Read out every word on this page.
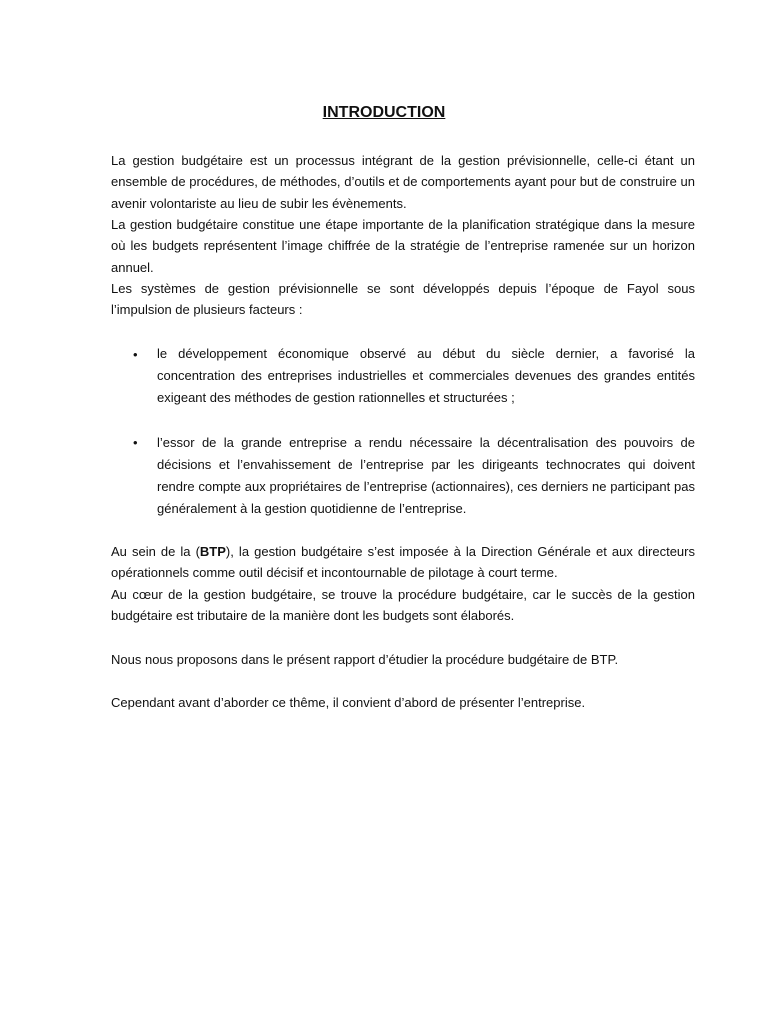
INTRODUCTION

La gestion budgétaire est un processus intégrant de la gestion prévisionnelle, celle-ci étant un ensemble de procédures, de méthodes, d’outils et de comportements ayant pour but de construire un avenir volontariste au lieu de subir les évènements.

La gestion budgétaire constitue une étape importante de la planification stratégique dans la mesure où les budgets représentent l’image chiffrée de la stratégie de l’entreprise ramenée sur un horizon annuel.

Les systèmes de gestion prévisionnelle se sont développés depuis l’époque de Fayol sous l’impulsion de plusieurs facteurs :

• le développement économique observé au début du siècle dernier, a favorisé la concentration des entreprises industrielles et commerciales devenues des grandes entités exigeant des méthodes de gestion rationnelles et structurées ;

• l’essor de la grande entreprise a rendu nécessaire la décentralisation des pouvoirs de décisions et l’envahissement de l’entreprise par les dirigeants technocrates qui doivent rendre compte aux propriétaires de l’entreprise (actionnaires), ces derniers ne participant pas généralement à la gestion quotidienne de l’entreprise.

Au sein de la (BTP), la gestion budgétaire s’est imposée à la Direction Générale et aux directeurs opérationnels comme outil décisif et incontournable de pilotage à court terme.

Au cœur de la gestion budgétaire, se trouve la procédure budgétaire, car le succès de la gestion budgétaire est tributaire de la manière dont les budgets sont élaborés.

Nous nous proposons dans le présent rapport d’étudier la procédure budgétaire de BTP.

Cependant avant d’aborder ce thême, il convient d’abord de présenter l’entreprise.
